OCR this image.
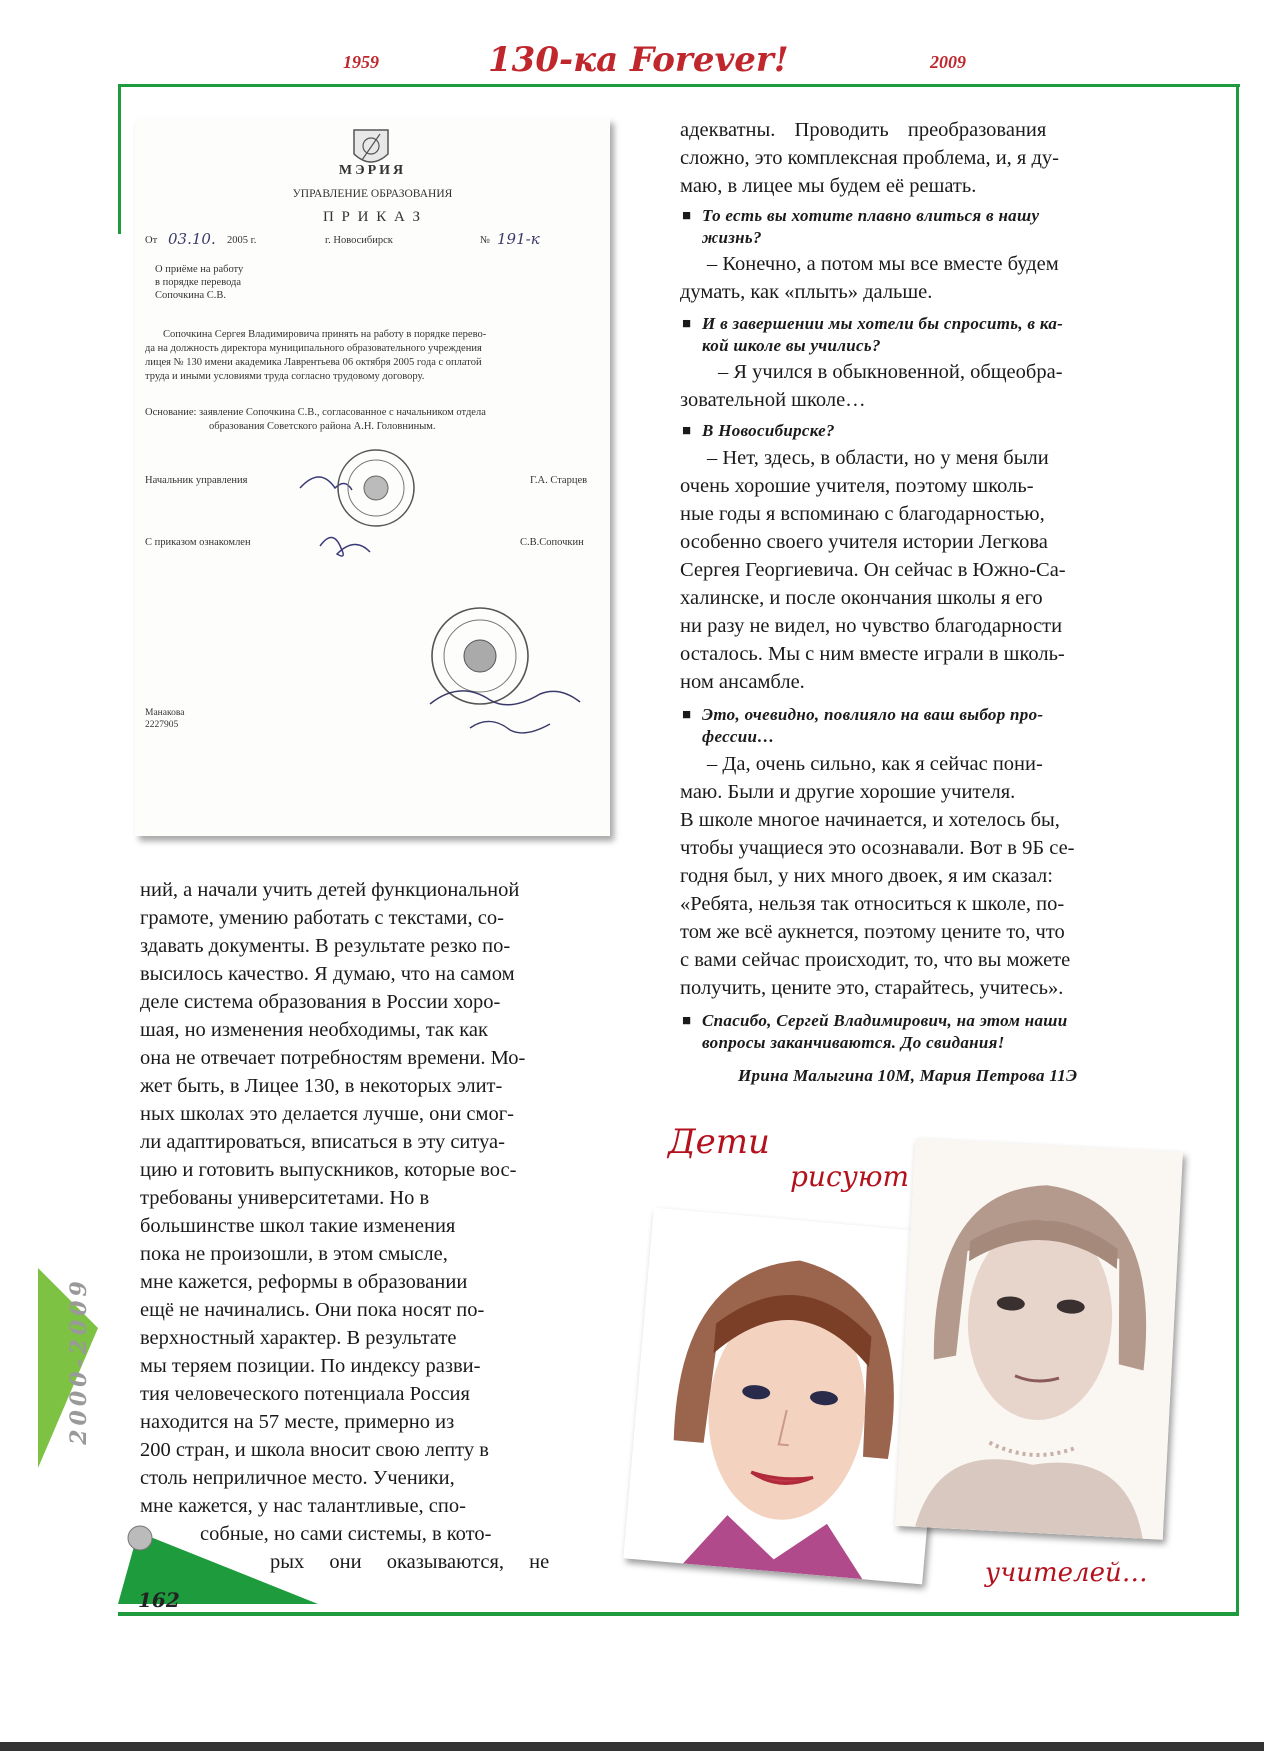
1959	130-ка Forever!	2009
МЭРИЯ
УПРАВЛЕНИЕ ОБРАЗОВАНИЯ
П Р И К А З
От 03.10. 2005 г.	г. Новосибирск	№ 191-к
О приёме на работу
в порядке перевода
Сопочкина С.В.
Сопочкина Сергея Владимировича принять на работу в порядке перево-
да на должность директора муниципального образовательного учреждения
лицея № 130 имени академика Лаврентьева 06 октября 2005 года с оплатой
труда и иными условиями труда согласно трудовому договору.
Основание: заявление Сопочкина С.В., согласованное с начальником отдела
образования Советского района А.Н. Головниным.
Начальник управления	Г.А. Старцев
С приказом ознакомлен	С.В.Сопочкин
Манакова
2227905
адекватны. Проводить преобразования
сложно, это комплексная проблема, и, я ду-
маю, в лицее мы будем её решать.
■ То есть вы хотите плавно влиться в нашу
жизнь?
– Конечно, а потом мы все вместе будем
думать, как «плыть» дальше.
■ И в завершении мы хотели бы спросить, в ка-
кой школе вы учились?
– Я учился в обыкновенной, общеобра-
зовательной школе…
■ В Новосибирске?
– Нет, здесь, в области, но у меня были
очень хорошие учителя, поэтому школь-
ные годы я вспоминаю с благодарностью,
особенно своего учителя истории Легкова
Сергея Георгиевича. Он сейчас в Южно-Са-
халинске, и после окончания школы я его
ни разу не видел, но чувство благодарности
осталось. Мы с ним вместе играли в школь-
ном ансамбле.
■ Это, очевидно, повлияло на ваш выбор про-
фессии…
– Да, очень сильно, как я сейчас пони-
маю. Были и другие хорошие учителя.
В школе многое начинается, и хотелось бы,
чтобы учащиеся это осознавали. Вот в 9Б се-
годня был, у них много двоек, я им сказал:
«Ребята, нельзя так относиться к школе, по-
том же всё аукнется, поэтому цените то, что
с вами сейчас происходит, то, что вы можете
получить, цените это, старайтесь, учитесь».
■ Спасибо, Сергей Владимирович, на этом наши
вопросы заканчиваются. До свидания!
Ирина Малыгина 10М, Мария Петрова 11Э
ний, а начали учить детей функциональной
грамоте, умению работать с текстами, со-
здавать документы. В результате резко по-
высилось качество. Я думаю, что на самом
деле система образования в России хоро-
шая, но изменения необходимы, так как
она не отвечает потребностям времени. Мо-
жет быть, в Лицее 130, в некоторых элит-
ных школах это делается лучше, они смог-
ли адаптироваться, вписаться в эту ситуа-
цию и готовить выпускников, которые вос-
требованы университетами. Но в
большинстве школ такие изменения
пока не произошли, в этом смысле,
мне кажется, реформы в образовании
ещё не начинались. Они пока носят по-
верхностный характер. В результате
мы теряем позиции. По индексу разви-
тия человеческого потенциала Россия
находится на 57 месте, примерно из
200 стран, и школа вносит свою лепту в
столь неприличное место. Ученики,
мне кажется, у нас талантливые, спо-
собные, но сами системы, в кото-
рых они оказываются, не
2000-2009
Дети
рисуют
учителей…
162
